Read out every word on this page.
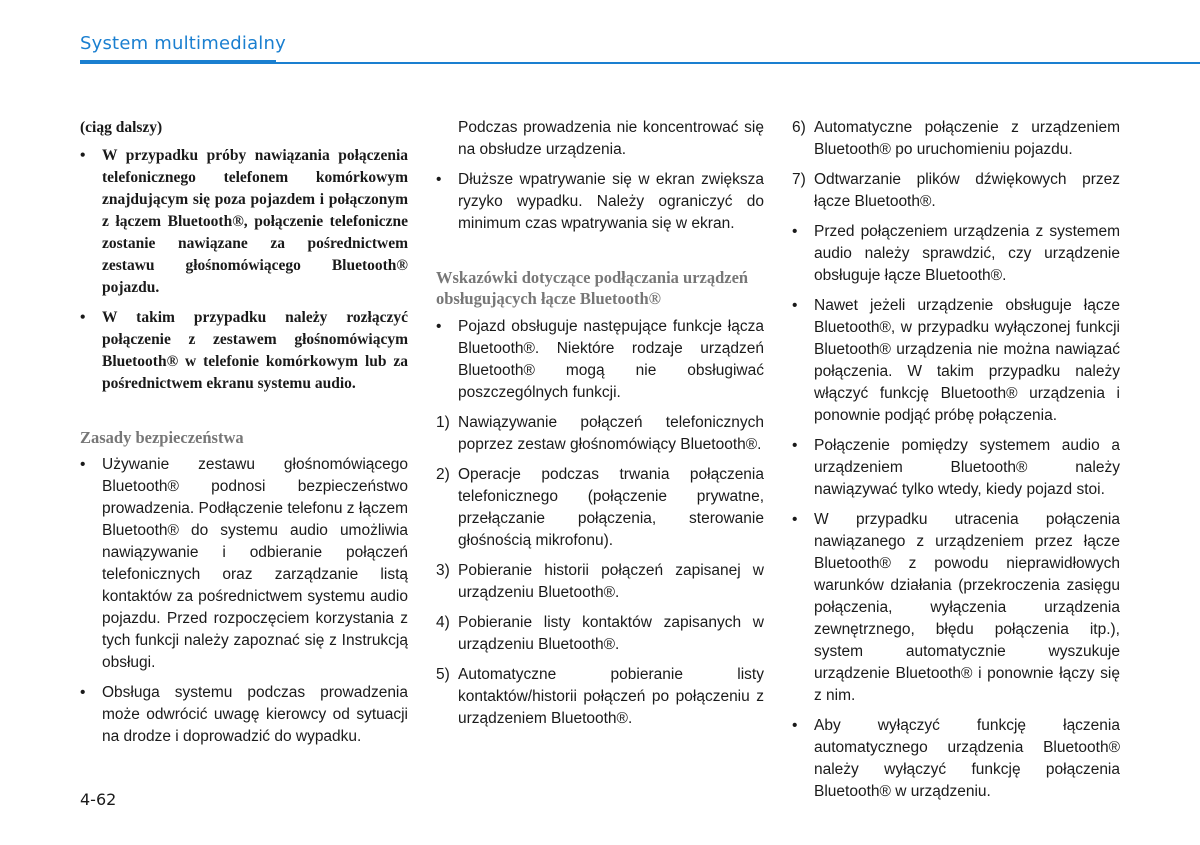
System multimedialny

(ciąg dalszy)

• W przypadku próby nawiązania połączenia telefonicznego telefonem komórkowym znajdującym się poza pojazdem i połączonym z łączem Bluetooth®, połączenie telefoniczne zostanie nawiązane za pośrednictwem zestawu głośnomówiącego Bluetooth® pojazdu.
• W takim przypadku należy rozłączyć połączenie z zestawem głośnomówiącym Bluetooth® w telefonie komórkowym lub za pośrednictwem ekranu systemu audio.

Zasady bezpieczeństwa

• Używanie zestawu głośnomówiącego Bluetooth® podnosi bezpieczeństwo prowadzenia. Podłączenie telefonu z łączem Bluetooth® do systemu audio umożliwia nawiązywanie i odbieranie połączeń telefonicznych oraz zarządzanie listą kontaktów za pośrednictwem systemu audio pojazdu. Przed rozpoczęciem korzystania z tych funkcji należy zapoznać się z Instrukcją obsługi.
• Obsługa systemu podczas prowadzenia może odwrócić uwagę kierowcy od sytuacji na drodze i doprowadzić do wypadku.

Podczas prowadzenia nie koncentrować się na obsłudze urządzenia.

• Dłuższe wpatrywanie się w ekran zwiększa ryzyko wypadku. Należy ograniczyć do minimum czas wpatrywania się w ekran.

Wskazówki dotyczące podłączania urządzeń obsługujących łącze Bluetooth®

• Pojazd obsługuje następujące funkcje łącza Bluetooth®. Niektóre rodzaje urządzeń Bluetooth® mogą nie obsługiwać poszczególnych funkcji.
1) Nawiązywanie połączeń telefonicznych poprzez zestaw głośnomówiący Bluetooth®.
2) Operacje podczas trwania połączenia telefonicznego (połączenie prywatne, przełączanie połączenia, sterowanie głośnością mikrofonu).
3) Pobieranie historii połączeń zapisanej w urządzeniu Bluetooth®.
4) Pobieranie listy kontaktów zapisanych w urządzeniu Bluetooth®.
5) Automatyczne pobieranie listy kontaktów/historii połączeń po połączeniu z urządzeniem Bluetooth®.
6) Automatyczne połączenie z urządzeniem Bluetooth® po uruchomieniu pojazdu.
7) Odtwarzanie plików dźwiękowych przez łącze Bluetooth®.
• Przed połączeniem urządzenia z systemem audio należy sprawdzić, czy urządzenie obsługuje łącze Bluetooth®.
• Nawet jeżeli urządzenie obsługuje łącze Bluetooth®, w przypadku wyłączonej funkcji Bluetooth® urządzenia nie można nawiązać połączenia. W takim przypadku należy włączyć funkcję Bluetooth® urządzenia i ponownie podjąć próbę połączenia.
• Połączenie pomiędzy systemem audio a urządzeniem Bluetooth® należy nawiązywać tylko wtedy, kiedy pojazd stoi.
• W przypadku utracenia połączenia nawiązanego z urządzeniem przez łącze Bluetooth® z powodu nieprawidłowych warunków działania (przekroczenia zasięgu połączenia, wyłączenia urządzenia zewnętrznego, błędu połączenia itp.), system automatycznie wyszukuje urządzenie Bluetooth® i ponownie łączy się z nim.
• Aby wyłączyć funkcję łączenia automatycznego urządzenia Bluetooth® należy wyłączyć funkcję połączenia Bluetooth® w urządzeniu.
4-62
